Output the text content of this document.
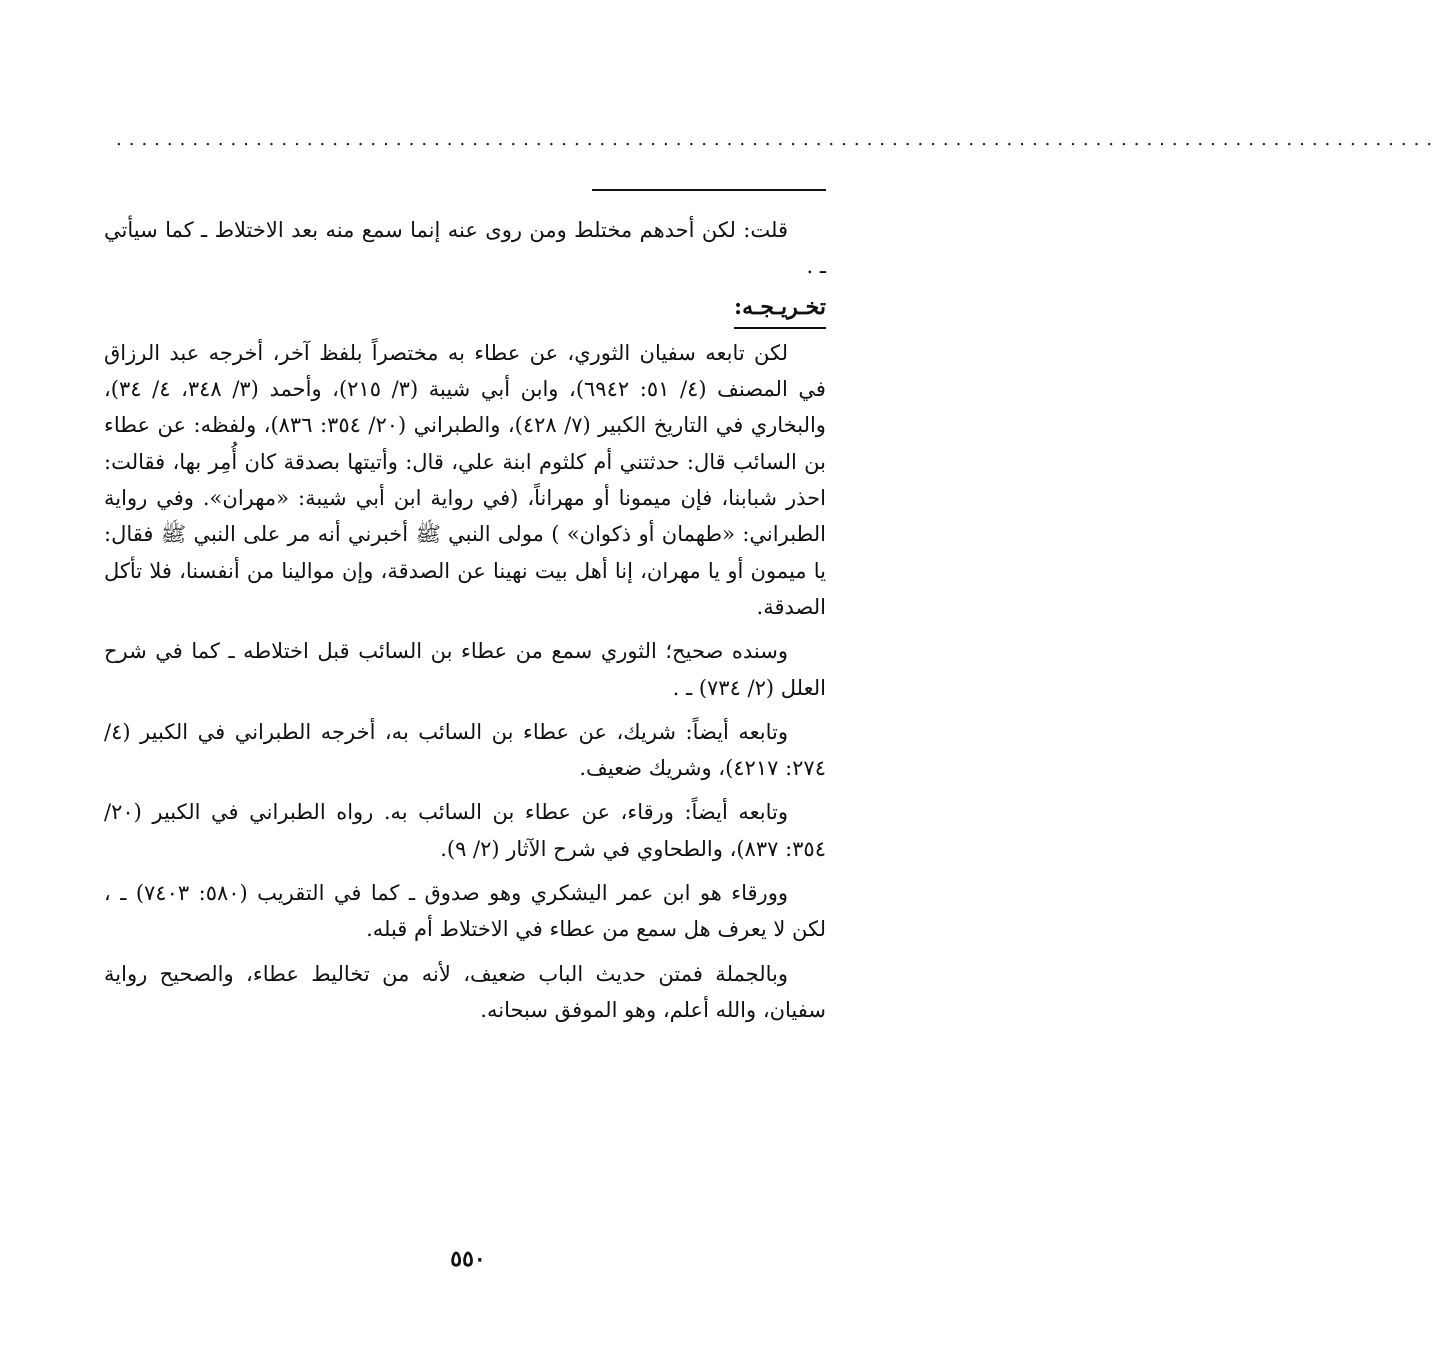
........................................................................................................

قلت: لكن أحدهم مختلط ومن روى عنه إنما سمع منه بعد الاختلاط ـ كما سيأتي ـ .

تخـريـجـه:

لكن تابعه سفيان الثوري، عن عطاء به مختصراً بلفظ آخر، أخرجه عبد الرزاق في المصنف (٤/ ٥١: ٦٩٤٢)، وابن أبي شيبة (٣/ ٢١٥)، وأحمد (٣/ ٣٤٨، ٤/ ٣٤)، والبخاري في التاريخ الكبير (٧/ ٤٢٨)، والطبراني (٢٠/ ٣٥٤: ٨٣٦)، ولفظه: عن عطاء بن السائب قال: حدثتني أم كلثوم ابنة علي، قال: وأتيتها بصدقة كان أُمِر بها، فقالت: احذر شبابنا، فإن ميمونا أو مهراناً، (في رواية ابن أبي شيبة: «مهران». وفي رواية الطبراني: «طهمان أو ذكوان» ) مولى النبي ﷺ أخبرني أنه مر على النبي ﷺ فقال: يا ميمون أو يا مهران، إنا أهل بيت نهينا عن الصدقة، وإن موالينا من أنفسنا، فلا تأكل الصدقة.

وسنده صحيح؛ الثوري سمع من عطاء بن السائب قبل اختلاطه ـ كما في شرح العلل (٢/ ٧٣٤) ـ .

وتابعه أيضاً: شريك، عن عطاء بن السائب به، أخرجه الطبراني في الكبير (٤/ ٢٧٤: ٤٢١٧)، وشريك ضعيف.

وتابعه أيضاً: ورقاء، عن عطاء بن السائب به. رواه الطبراني في الكبير (٢٠/ ٣٥٤: ٨٣٧)، والطحاوي في شرح الآثار (٢/ ٩).

وورقاء هو ابن عمر اليشكري وهو صدوق ـ كما في التقريب (٥٨٠: ٧٤٠٣) ـ ، لكن لا يعرف هل سمع من عطاء في الاختلاط أم قبله.

وبالجملة فمتن حديث الباب ضعيف، لأنه من تخاليط عطاء، والصحيح رواية سفيان، والله أعلم، وهو الموفق سبحانه.

٥٥٠
